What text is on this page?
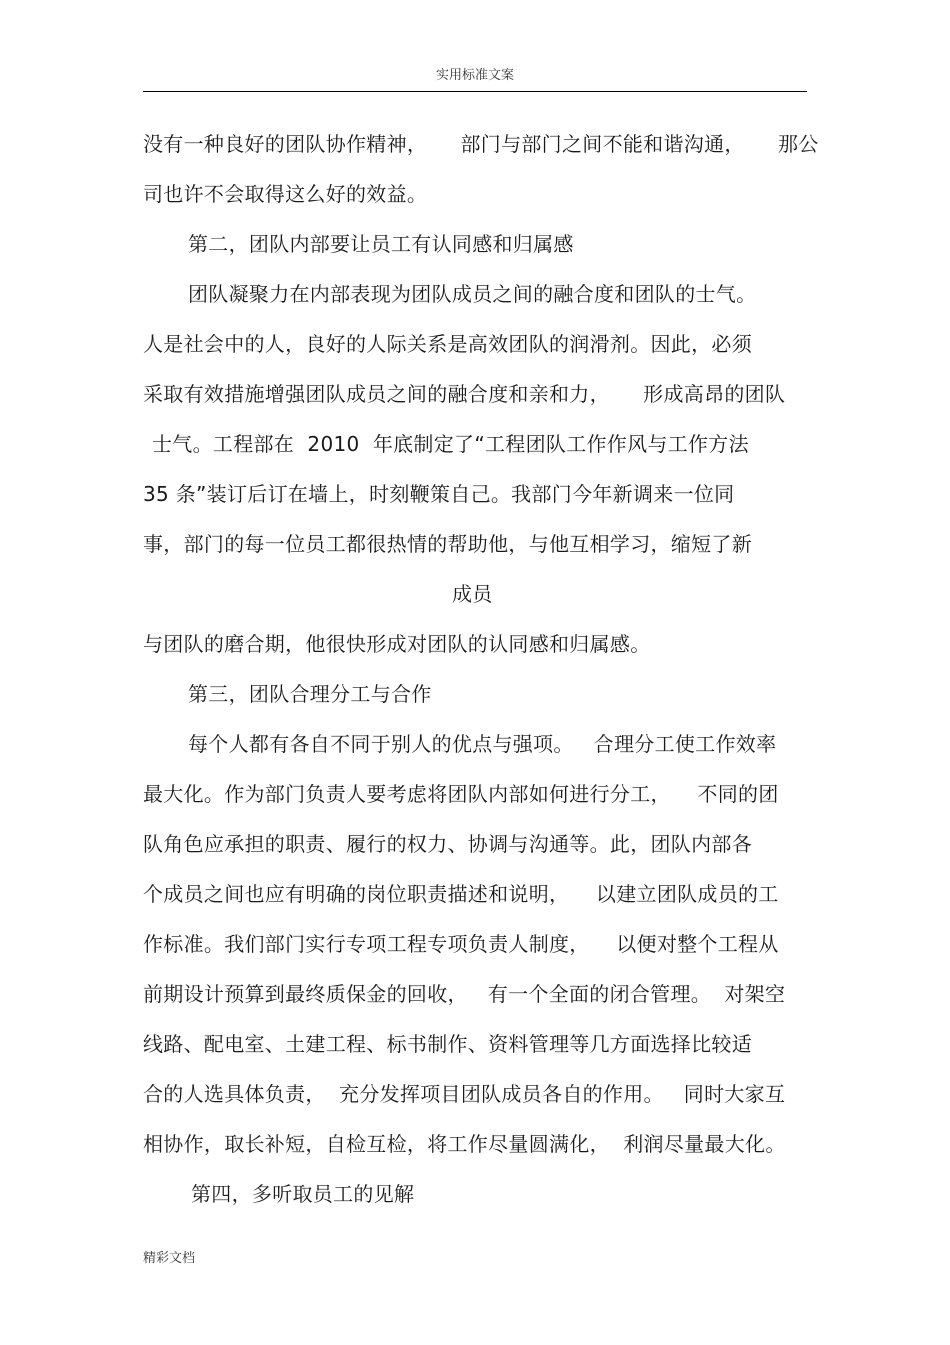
实用标准文案
没有一种良好的团队协作精神，     部门与部门之间不能和谐沟通，     那公
司也许不会取得这么好的效益。
第二，团队内部要让员工有认同感和归属感
团队凝聚力在内部表现为团队成员之间的融合度和团队的士气。
人是社会中的人，良好的人际关系是高效团队的润滑剂。因此，必须
采取有效措施增强团队成员之间的融合度和亲和力，     形成高昂的团队
士气。工程部在  2010  年底制定了“工程团队工作作风与工作方法
35 条”装订后订在墙上，时刻鞭策自己。我部门今年新调来一位同
事，部门的每一位员工都很热情的帮助他，与他互相学习，缩短了新
成员
与团队的磨合期，他很快形成对团队的认同感和归属感。
第三，团队合理分工与合作
每个人都有各自不同于别人的优点与强项。   合理分工使工作效率
最大化。作为部门负责人要考虑将团队内部如何进行分工，    不同的团
队角色应承担的职责、履行的权力、协调与沟通等。此，团队内部各
个成员之间也应有明确的岗位职责描述和说明，    以建立团队成员的工
作标准。我们部门实行专项工程专项负责人制度，    以便对整个工程从
前期设计预算到最终质保金的回收，   有一个全面的闭合管理。  对架空
线路、配电室、土建工程、标书制作、资料管理等几方面选择比较适
合的人选具体负责，  充分发挥项目团队成员各自的作用。   同时大家互
相协作，取长补短，自检互检，将工作尽量圆满化，  利润尽量最大化。
第四，多听取员工的见解
精彩文档
